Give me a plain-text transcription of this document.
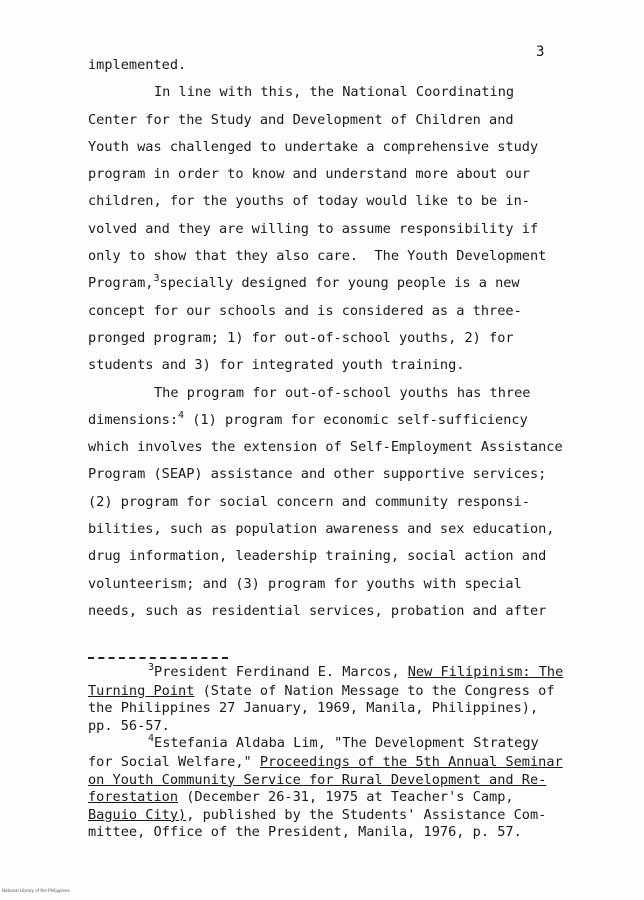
3
implemented.
In line with this, the National Coordinating
Center for the Study and Development of Children and
Youth was challenged to undertake a comprehensive study
program in order to know and understand more about our
children, for the youths of today would like to be in-
volved and they are willing to assume responsibility if
only to show that they also care.  The Youth Development
Program,$^3$specially designed for young people is a new
concept for our schools and is considered as a three-
pronged program; 1) for out-of-school youths, 2) for
students and 3) for integrated youth training.
The program for out-of-school youths has three
dimensions:$^4$ (1) program for economic self-sufficiency
which involves the extension of Self-Employment Assistance
Program (SEAP) assistance and other supportive services;
(2) program for social concern and community responsi-
bilities, such as population awareness and sex education,
drug information, leadership training, social action and
volunteerism; and (3) program for youths with special
needs, such as residential services, probation and after
$^3$President Ferdinand E. Marcos, New Filipinism: The
Turning Point (State of Nation Message to the Congress of
the Philippines 27 January, 1969, Manila, Philippines),
pp. 56-57.
$^4$Estefania Aldaba Lim, "The Development Strategy
for Social Welfare," Proceedings of the 5th Annual Seminar
on Youth Community Service for Rural Development and Re-
forestation (December 26-31, 1975 at Teacher's Camp,
Baguio City), published by the Students' Assistance Com-
mittee, Office of the President, Manila, 1976, p. 57.
National Library of the Philippines
